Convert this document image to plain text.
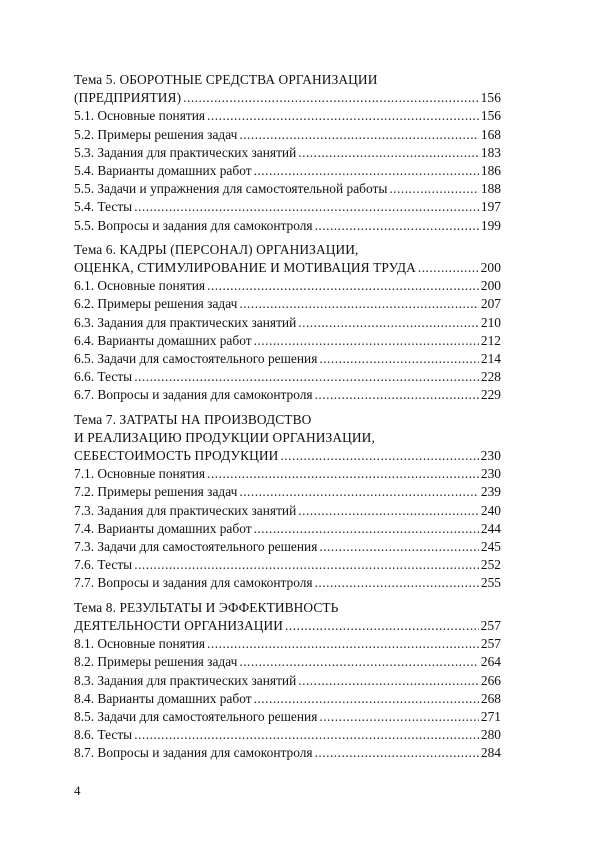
Тема 5. ОБОРОТНЫЕ СРЕДСТВА ОРГАНИЗАЦИИ
(ПРЕДПРИЯТИЯ) .....	156
5.1. Основные понятия .....	156
5.2. Примеры решения задач .....	168
5.3. Задания для практических занятий .....	183
5.4. Варианты домашних работ .....	186
5.5. Задачи и упражнения для самостоятельной работы .....	188
5.4. Тесты .....	197
5.5. Вопросы и задания для самоконтроля .....	199
Тема 6. КАДРЫ (ПЕРСОНАЛ) ОРГАНИЗАЦИИ,
ОЦЕНКА, СТИМУЛИРОВАНИЕ И МОТИВАЦИЯ ТРУДА .....	200
6.1. Основные понятия .....	200
6.2. Примеры решения задач .....	207
6.3. Задания для практических занятий .....	210
6.4. Варианты домашних работ .....	212
6.5. Задачи для самостоятельного решения .....	214
6.6. Тесты .....	228
6.7. Вопросы и задания для самоконтроля .....	229
Тема 7. ЗАТРАТЫ НА ПРОИЗВОДСТВО
И РЕАЛИЗАЦИЮ ПРОДУКЦИИ ОРГАНИЗАЦИИ,
СЕБЕСТОИМОСТЬ ПРОДУКЦИИ .....	230
7.1. Основные понятия .....	230
7.2. Примеры решения задач .....	239
7.3. Задания для практических занятий .....	240
7.4. Варианты домашних работ .....	244
7.3. Задачи для самостоятельного решения .....	245
7.6. Тесты .....	252
7.7. Вопросы и задания для самоконтроля .....	255
Тема 8. РЕЗУЛЬТАТЫ И ЭФФЕКТИВНОСТЬ
ДЕЯТЕЛЬНОСТИ ОРГАНИЗАЦИИ .....	257
8.1. Основные понятия .....	257
8.2. Примеры решения задач .....	264
8.3. Задания для практических занятий .....	266
8.4. Варианты домашних работ .....	268
8.5. Задачи для самостоятельного решения .....	271
8.6. Тесты .....	280
8.7. Вопросы и задания для самоконтроля .....	284
4
